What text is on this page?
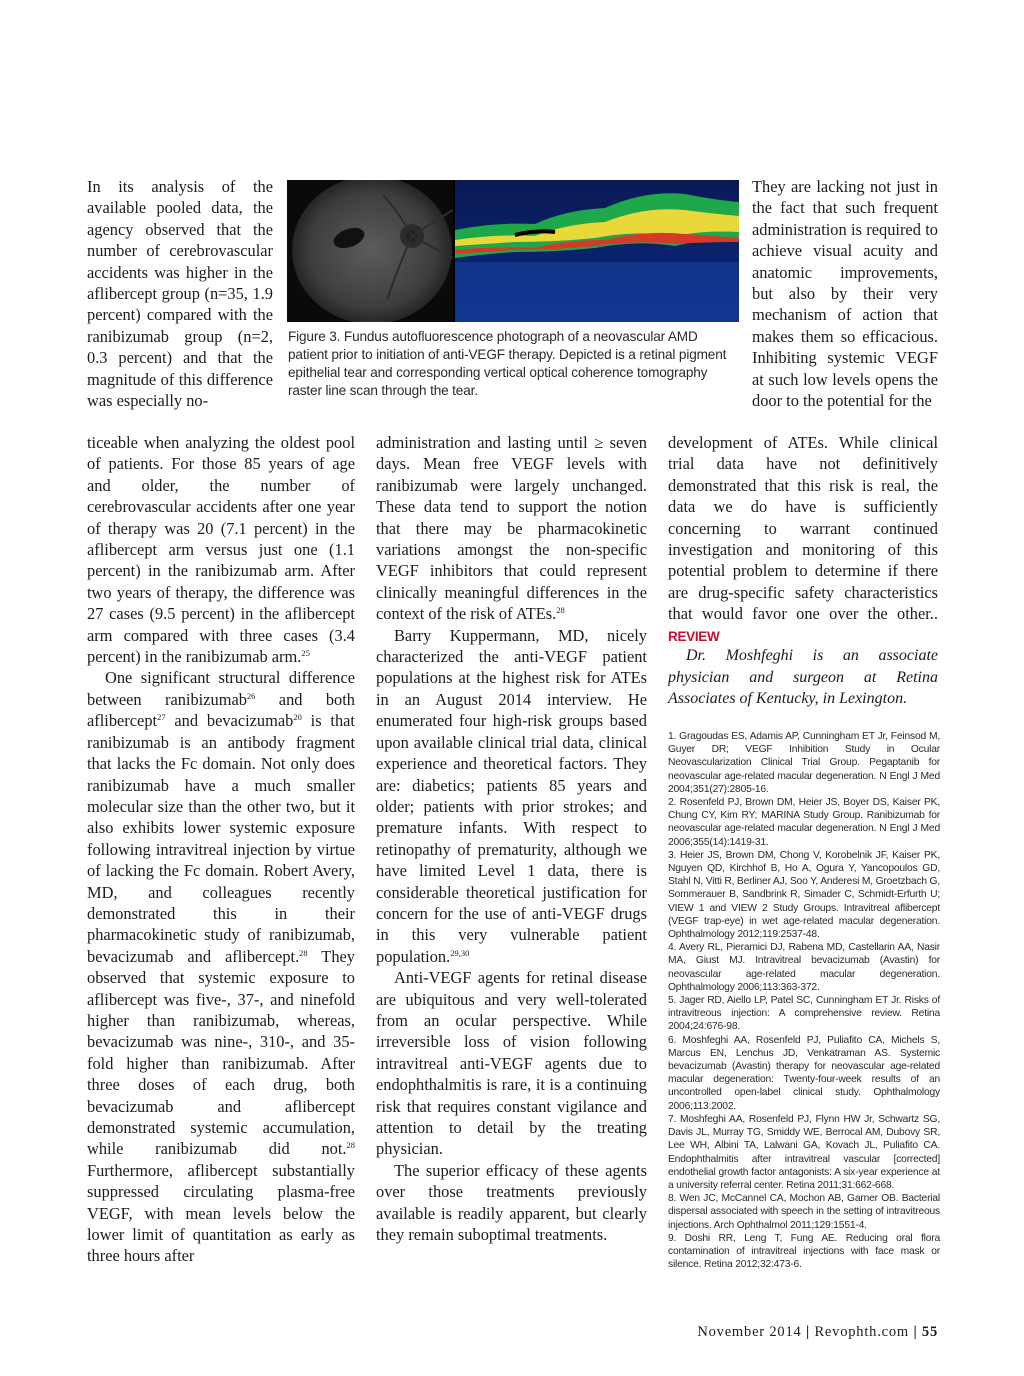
In its analysis of the available pooled data, the agency observed that the number of cerebrovascular accidents was higher in the aflibercept group (n=35, 1.9 percent) compared with the ranibizumab group (n=2, 0.3 percent) and that the magnitude of this difference was especially no-

Figure 3. Fundus autofluorescence photograph of a neovascular AMD patient prior to initiation of anti-VEGF therapy. Depicted is a retinal pigment epithelial tear and corresponding vertical optical coherence tomography raster line scan through the tear.

They are lacking not just in the fact that such frequent administration is required to achieve visual acuity and anatomic improvements, but also by their very mechanism of action that makes them so efficacious. Inhibiting systemic VEGF at such low levels opens the door to the potential for the

ticeable when analyzing the oldest pool of patients. For those 85 years of age and older, the number of cerebrovascular accidents after one year of therapy was 20 (7.1 percent) in the aflibercept arm versus just one (1.1 percent) in the ranibizumab arm. After two years of therapy, the difference was 27 cases (9.5 percent) in the aflibercept arm compared with three cases (3.4 percent) in the ranibizumab arm.$^{25}$

One significant structural difference between ranibizumab$^{26}$ and both aflibercept$^{27}$ and bevacizumab$^{20}$ is that ranibizumab is an antibody fragment that lacks the Fc domain. Not only does ranibizumab have a much smaller molecular size than the other two, but it also exhibits lower systemic exposure following intravitreal injection by virtue of lacking the Fc domain. Robert Avery, MD, and colleagues recently demonstrated this in their pharmacokinetic study of ranibizumab, bevacizumab and aflibercept.$^{28}$ They observed that systemic exposure to aflibercept was five-, 37-, and ninefold higher than ranibizumab, whereas, bevacizumab was nine-, 310-, and 35-fold higher than ranibizumab. After three doses of each drug, both bevacizumab and aflibercept demonstrated systemic accumulation, while ranibizumab did not.$^{28}$ Furthermore, aflibercept substantially suppressed circulating plasma-free VEGF, with mean levels below the lower limit of quantitation as early as three hours after

administration and lasting until ≥ seven days. Mean free VEGF levels with ranibizumab were largely unchanged. These data tend to support the notion that there may be pharmacokinetic variations amongst the non-specific VEGF inhibitors that could represent clinically meaningful differences in the context of the risk of ATEs.$^{28}$

Barry Kuppermann, MD, nicely characterized the anti-VEGF patient populations at the highest risk for ATEs in an August 2014 interview. He enumerated four high-risk groups based upon available clinical trial data, clinical experience and theoretical factors. They are: diabetics; patients 85 years and older; patients with prior strokes; and premature infants. With respect to retinopathy of prematurity, although we have limited Level 1 data, there is considerable theoretical justification for concern for the use of anti-VEGF drugs in this very vulnerable patient population.$^{29,30}$

Anti-VEGF agents for retinal disease are ubiquitous and very well-tolerated from an ocular perspective. While irreversible loss of vision following intravitreal anti-VEGF agents due to endophthalmitis is rare, it is a continuing risk that requires constant vigilance and attention to detail by the treating physician.

The superior efficacy of these agents over those treatments previously available is readily apparent, but clearly they remain suboptimal treatments.

development of ATEs. While clinical trial data have not definitively demonstrated that this risk is real, the data we do have is sufficiently concerning to warrant continued investigation and monitoring of this potential problem to determine if there are drug-specific safety characteristics that would favor one over the other.. REVIEW

Dr. Moshfeghi is an associate physician and surgeon at Retina Associates of Kentucky, in Lexington.
1. Gragoudas ES, Adamis AP, Cunningham ET Jr, Feinsod M, Guyer DR; VEGF Inhibition Study in Ocular Neovascularization Clinical Trial Group. Pegaptanib for neovascular age-related macular degeneration. N Engl J Med 2004;351(27):2805-16.
2. Rosenfeld PJ, Brown DM, Heier JS, Boyer DS, Kaiser PK, Chung CY, Kim RY; MARINA Study Group. Ranibizumab for neovascular age-related macular degeneration. N Engl J Med 2006;355(14):1419-31.
3. Heier JS, Brown DM, Chong V, Korobelnik JF, Kaiser PK, Nguyen QD, Kirchhof B, Ho A, Ogura Y, Yancopoulos GD, Stahl N, Vitti R, Berliner AJ, Soo Y, Anderesi M, Groetzbach G, Sommerauer B, Sandbrink R, Simader C, Schmidt-Erfurth U; VIEW 1 and VIEW 2 Study Groups. Intravitreal aflibercept (VEGF trap-eye) in wet age-related macular degeneration. Ophthalmology 2012;119:2537-48.
4. Avery RL, Pieramici DJ, Rabena MD, Castellarin AA, Nasir MA, Giust MJ. Intravitreal bevacizumab (Avastin) for neovascular age-related macular degeneration. Ophthalmology 2006;113:363-372.
5. Jager RD, Aiello LP, Patel SC, Cunningham ET Jr. Risks of intravitreous injection: A comprehensive review. Retina 2004;24:676-98.
6. Moshfeghi AA, Rosenfeld PJ, Puliafito CA, Michels S, Marcus EN, Lenchus JD, Venkatraman AS. Systemic bevacizumab (Avastin) therapy for neovascular age-related macular degeneration: Twenty-four-week results of an uncontrolled open-label clinical study. Ophthalmology 2006;113:2002.
7. Moshfeghi AA, Rosenfeld PJ, Flynn HW Jr, Schwartz SG, Davis JL, Murray TG, Smiddy WE, Berrocal AM, Dubovy SR, Lee WH, Albini TA, Lalwani GA, Kovach JL, Puliafito CA. Endophthalmitis after intravitreal vascular [corrected] endothelial growth factor antagonists: A six-year experience at a university referral center. Retina 2011;31:662-668.
8. Wen JC, McCannel CA, Mochon AB, Garner OB. Bacterial dispersal associated with speech in the setting of intravitreous injections. Arch Ophthalmol 2011;129:1551-4.
9. Doshi RR, Leng T, Fung AE. Reducing oral flora contamination of intravitreal injections with face mask or silence. Retina 2012;32:473-6.
November 2014 | Revophth.com | 55
